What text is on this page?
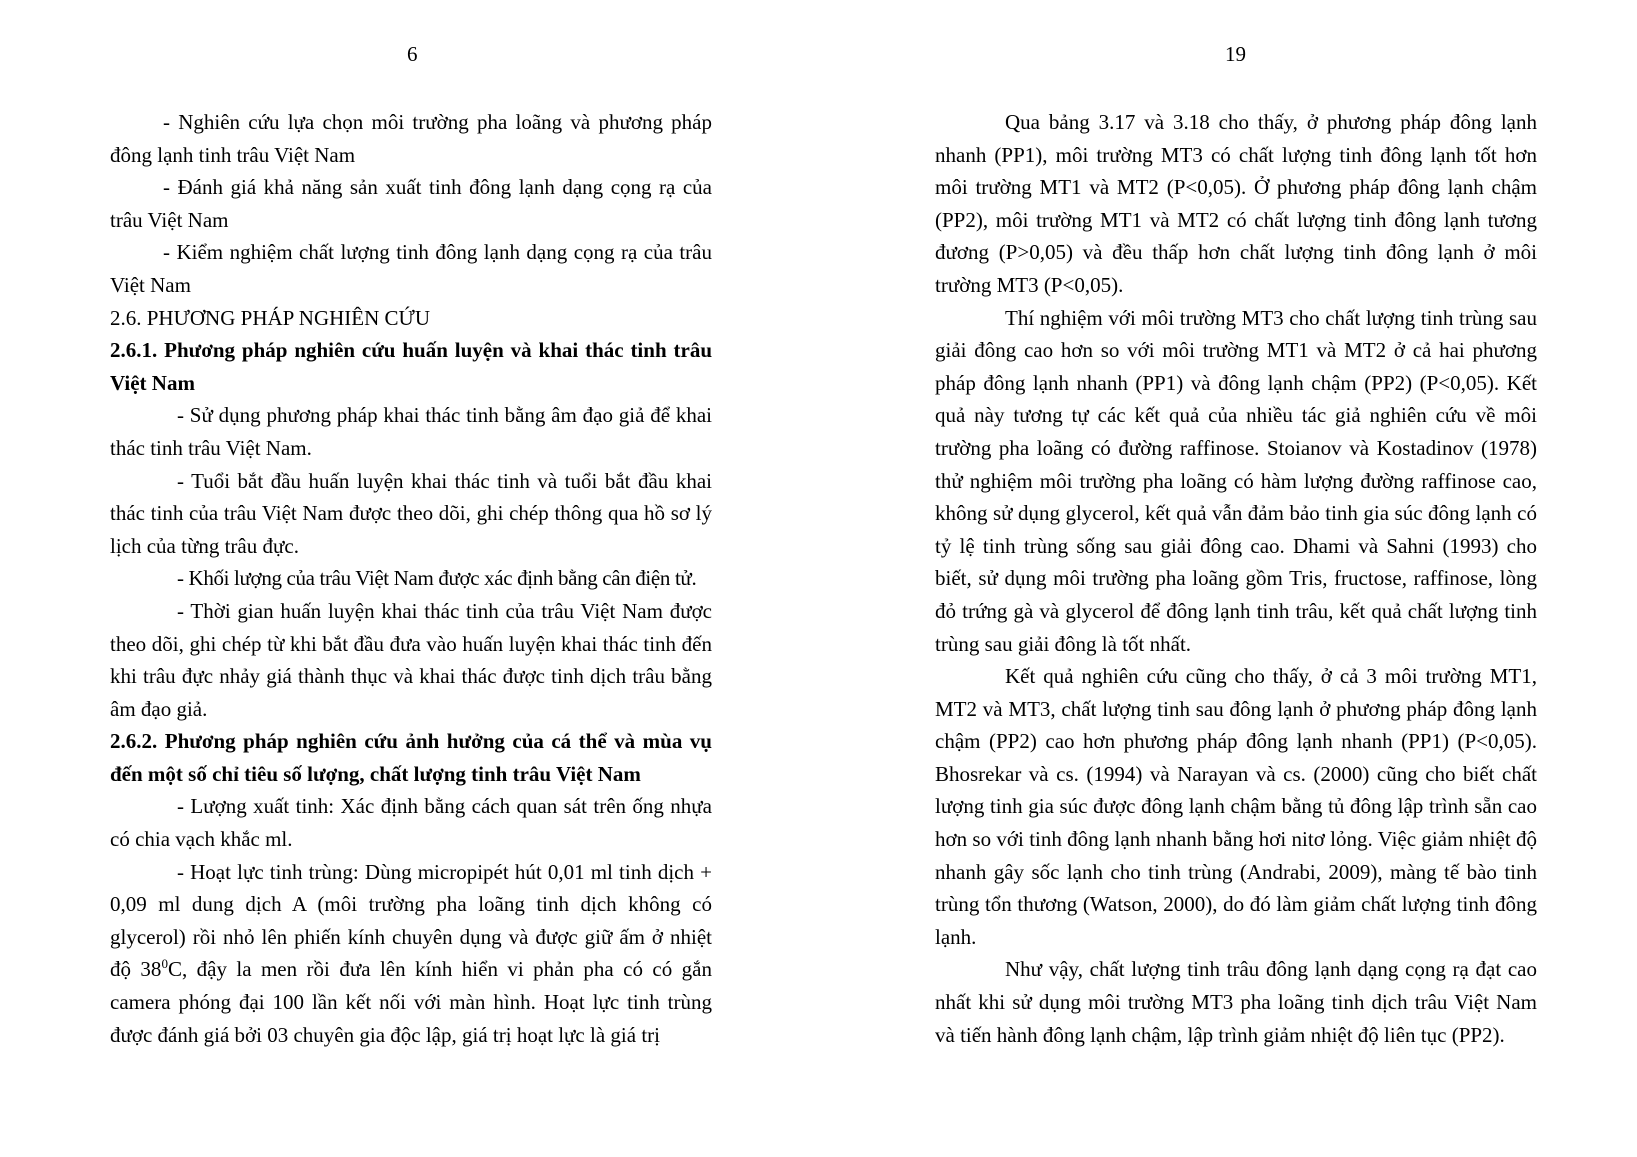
6

- Nghiên cứu lựa chọn môi trường pha loãng và phương pháp đông lạnh tinh trâu Việt Nam

- Đánh giá khả năng sản xuất tinh đông lạnh dạng cọng rạ của trâu Việt Nam

- Kiểm nghiệm chất lượng tinh đông lạnh dạng cọng rạ của trâu Việt Nam

2.6. PHƯƠNG PHÁP NGHIÊN CỨU

2.6.1. Phương pháp nghiên cứu huấn luyện và khai thác tinh trâu Việt Nam

- Sử dụng phương pháp khai thác tinh bằng âm đạo giả để khai thác tinh trâu Việt Nam.

- Tuổi bắt đầu huấn luyện khai thác tinh và tuổi bắt đầu khai thác tinh của trâu Việt Nam được theo dõi, ghi chép thông qua hồ sơ lý lịch của từng trâu đực.

- Khối lượng của trâu Việt Nam được xác định bằng cân điện tử.

- Thời gian huấn luyện khai thác tinh của trâu Việt Nam được theo dõi, ghi chép từ khi bắt đầu đưa vào huấn luyện khai thác tinh đến khi trâu đực nhảy giá thành thục và khai thác được tinh dịch trâu bằng âm đạo giả.

2.6.2. Phương pháp nghiên cứu ảnh hưởng của cá thể và mùa vụ đến một số chỉ tiêu số lượng, chất lượng tinh trâu Việt Nam

- Lượng xuất tinh: Xác định bằng cách quan sát trên ống nhựa có chia vạch khắc ml.

- Hoạt lực tinh trùng: Dùng micropipét hút 0,01 ml tinh dịch + 0,09 ml dung dịch A (môi trường pha loãng tinh dịch không có glycerol) rồi nhỏ lên phiến kính chuyên dụng và được giữ ấm ở nhiệt độ $38^0C$, đậy la men rồi đưa lên kính hiển vi phản pha có có gắn camera phóng đại 100 lần kết nối với màn hình. Hoạt lực tinh trùng được đánh giá bởi 03 chuyên gia độc lập, giá trị hoạt lực là giá trị

19

Qua bảng 3.17 và 3.18 cho thấy, ở phương pháp đông lạnh nhanh (PP1), môi trường MT3 có chất lượng tinh đông lạnh tốt hơn môi trường MT1 và MT2 (P<0,05). Ở phương pháp đông lạnh chậm (PP2), môi trường MT1 và MT2 có chất lượng tinh đông lạnh tương đương (P>0,05) và đều thấp hơn chất lượng tinh đông lạnh ở môi trường MT3 (P<0,05).

Thí nghiệm với môi trường MT3 cho chất lượng tinh trùng sau giải đông cao hơn so với môi trường MT1 và MT2 ở cả hai phương pháp đông lạnh nhanh (PP1) và đông lạnh chậm (PP2) (P<0,05). Kết quả này tương tự các kết quả của nhiều tác giả nghiên cứu về môi trường pha loãng có đường raffinose. Stoianov và Kostadinov (1978) thử nghiệm môi trường pha loãng có hàm lượng đường raffinose cao, không sử dụng glycerol, kết quả vẫn đảm bảo tinh gia súc đông lạnh có tỷ lệ tinh trùng sống sau giải đông cao. Dhami và Sahni (1993) cho biết, sử dụng môi trường pha loãng gồm Tris, fructose, raffinose, lòng đỏ trứng gà và glycerol để đông lạnh tinh trâu, kết quả chất lượng tinh trùng sau giải đông là tốt nhất.

Kết quả nghiên cứu cũng cho thấy, ở cả 3 môi trường MT1, MT2 và MT3, chất lượng tinh sau đông lạnh ở phương pháp đông lạnh chậm (PP2) cao hơn phương pháp đông lạnh nhanh (PP1) (P<0,05). Bhosrekar và cs. (1994) và Narayan và cs. (2000) cũng cho biết chất lượng tinh gia súc được đông lạnh chậm bằng tủ đông lập trình sẵn cao hơn so với tinh đông lạnh nhanh bằng hơi nitơ lỏng. Việc giảm nhiệt độ nhanh gây sốc lạnh cho tinh trùng (Andrabi, 2009), màng tế bào tinh trùng tổn thương (Watson, 2000), do đó làm giảm chất lượng tinh đông lạnh.

Như vậy, chất lượng tinh trâu đông lạnh dạng cọng rạ đạt cao nhất khi sử dụng môi trường MT3 pha loãng tinh dịch trâu Việt Nam và tiến hành đông lạnh chậm, lập trình giảm nhiệt độ liên tục (PP2).
